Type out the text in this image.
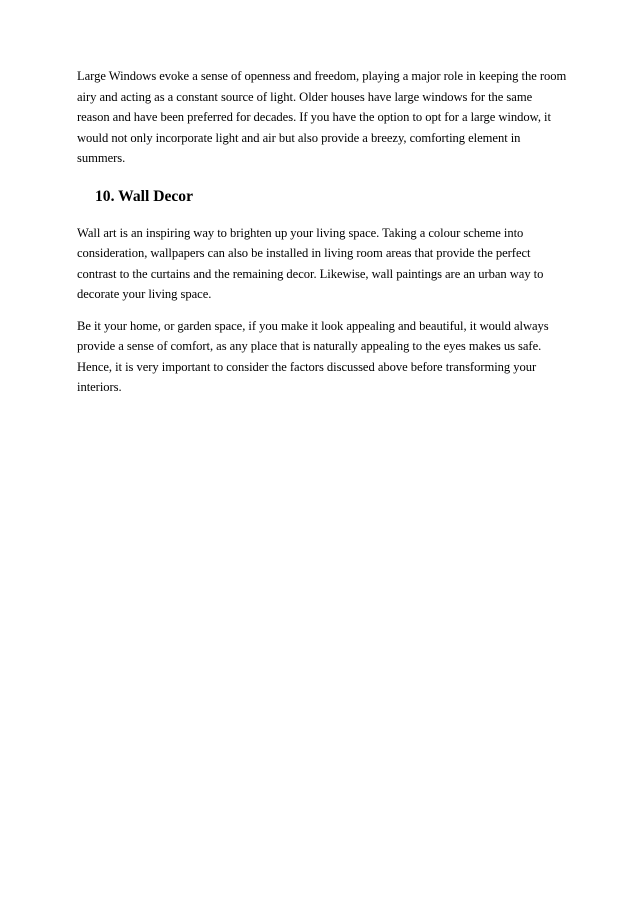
Large Windows evoke a sense of openness and freedom, playing a major role in keeping the room airy and acting as a constant source of light. Older houses have large windows for the same reason and have been preferred for decades. If you have the option to opt for a large window, it would not only incorporate light and air but also provide a breezy, comforting element in summers.

10. Wall Decor

Wall art is an inspiring way to brighten up your living space. Taking a colour scheme into consideration, wallpapers can also be installed in living room areas that provide the perfect contrast to the curtains and the remaining decor. Likewise, wall paintings are an urban way to decorate your living space.

Be it your home, or garden space, if you make it look appealing and beautiful, it would always provide a sense of comfort, as any place that is naturally appealing to the eyes makes us safe. Hence, it is very important to consider the factors discussed above before transforming your interiors.
